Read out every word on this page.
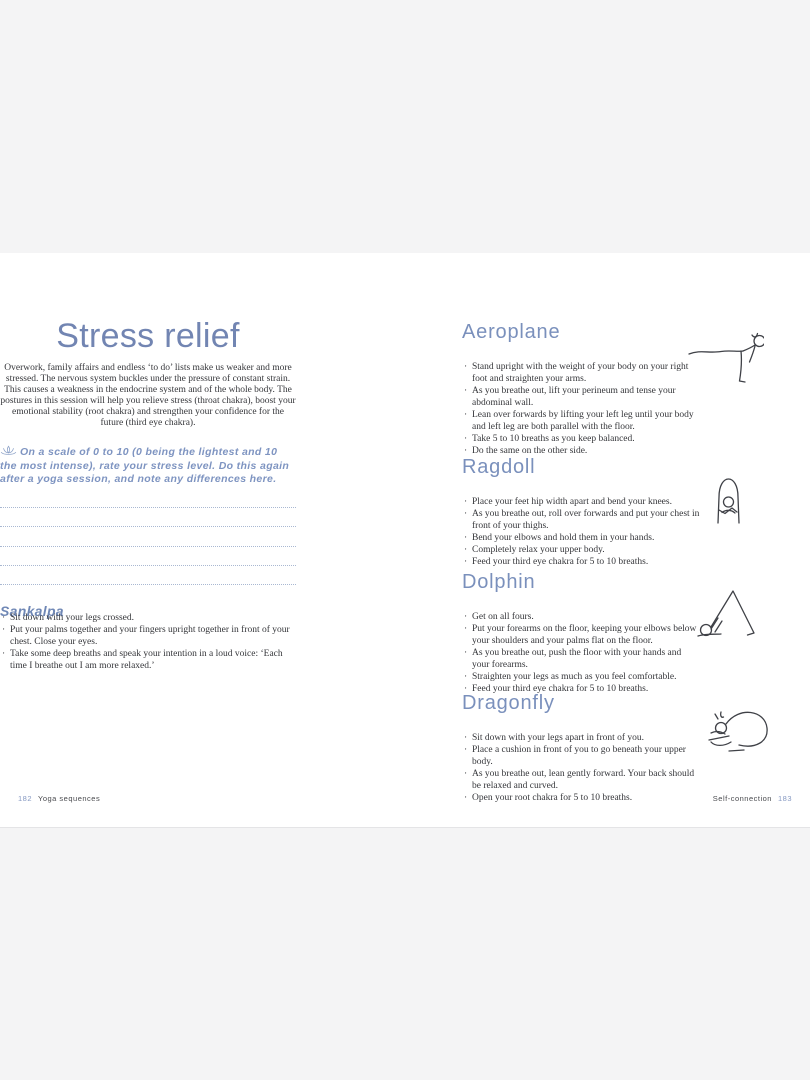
Stress relief

Overwork, family affairs and endless ‘to do’ lists make us weaker and more stressed. The nervous system buckles under the pressure of constant strain. This causes a weakness in the endocrine system and of the whole body. The postures in this session will help you relieve stress (throat chakra), boost your emotional stability (root chakra) and strengthen your confidence for the future (third eye chakra).

On a scale of 0 to 10 (0 being the lightest and 10 the most intense), rate your stress level. Do this again after a yoga session, and note any differences here.
Sankalpa
· Sit down with your legs crossed.
· Put your palms together and your fingers upright together in front of your chest. Close your eyes.
· Take some deep breaths and speak your intention in a loud voice: ‘Each time I breathe out I am more relaxed.’
Aeroplane
· Stand upright with the weight of your body on your right foot and straighten your arms.
· As you breathe out, lift your perineum and tense your abdominal wall.
· Lean over forwards by lifting your left leg until your body and left leg are both parallel with the floor.
· Take 5 to 10 breaths as you keep balanced.
· Do the same on the other side.
Ragdoll
· Place your feet hip width apart and bend your knees.
· As you breathe out, roll over forwards and put your chest in front of your thighs.
· Bend your elbows and hold them in your hands.
· Completely relax your upper body.
· Feed your third eye chakra for 5 to 10 breaths.
Dolphin
· Get on all fours.
· Put your forearms on the floor, keeping your elbows below your shoulders and your palms flat on the floor.
· As you breathe out, push the floor with your hands and your forearms.
· Straighten your legs as much as you feel comfortable.
· Feed your third eye chakra for 5 to 10 breaths.
Dragonfly
· Sit down with your legs apart in front of you.
· Place a cushion in front of you to go beneath your upper body.
· As you breathe out, lean gently forward. Your back should be relaxed and curved.
· Open your root chakra for 5 to 10 breaths.
182 Yoga sequences	Self-connection 183
